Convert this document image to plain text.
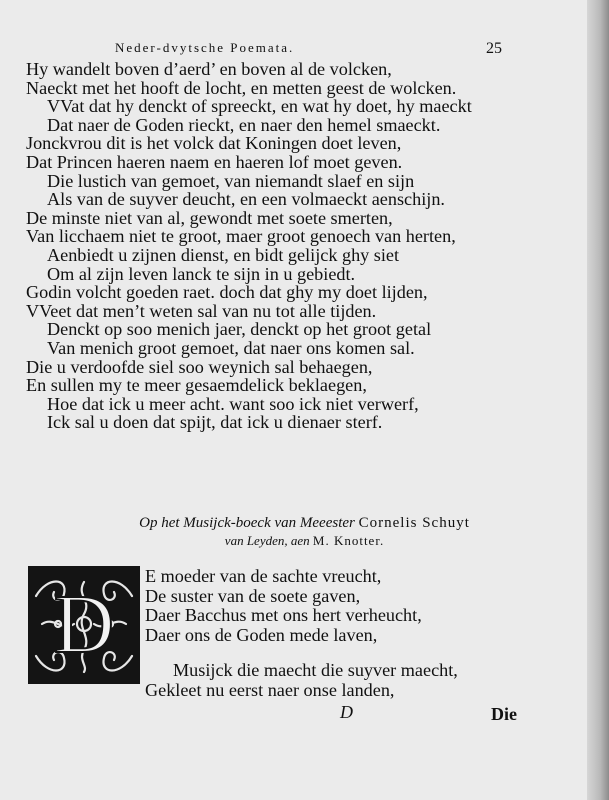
Neder-dvytsche Poemata.	25
Hy wandelt boven d’aerd’ en boven al de volcken,
Naeckt met het hooft de locht, en metten geest de wolcken.
VVat dat hy denckt of spreeckt, en wat hy doet, hy maeckt
Dat naer de Goden rieckt, en naer den hemel smaeckt.
Jonckvrou dit is het volck dat Koningen doet leven,
Dat Princen haeren naem en haeren lof moet geven.
Die lustich van gemoet, van niemandt slaef en sijn
Als van de suyver deucht, en een volmaeckt aenschijn.
De minste niet van al, gewondt met soete smerten,
Van licchaem niet te groot, maer groot genoech van herten,
Aenbiedt u zijnen dienst, en bidt gelijck ghy siet
Om al zijn leven lanck te sijn in u gebiedt.
Godin volcht goeden raet. doch dat ghy my doet lijden,
VVeet dat men’t weten sal van nu tot alle tijden.
Denckt op soo menich jaer, denckt op het groot getal
Van menich groot gemoet, dat naer ons komen sal.
Die u verdoofde siel soo weynich sal behaegen,
En sullen my te meer gesaemdelick beklaegen,
Hoe dat ick u meer acht. want soo ick niet verwerf,
Ick sal u doen dat spijt, dat ick u dienaer sterf.
Op het Musijck-boeck van Meeester Cornelis Schuyt
van Leyden, aen M. Knotter.
D
E moeder van de sachte vreucht,
De suster van de soete gaven,
Daer Bacchus met ons hert verheucht,
Daer ons de Goden mede laven,
Musijck die maecht die suyver maecht,
Gekleet nu eerst naer onse landen,
D	Die
